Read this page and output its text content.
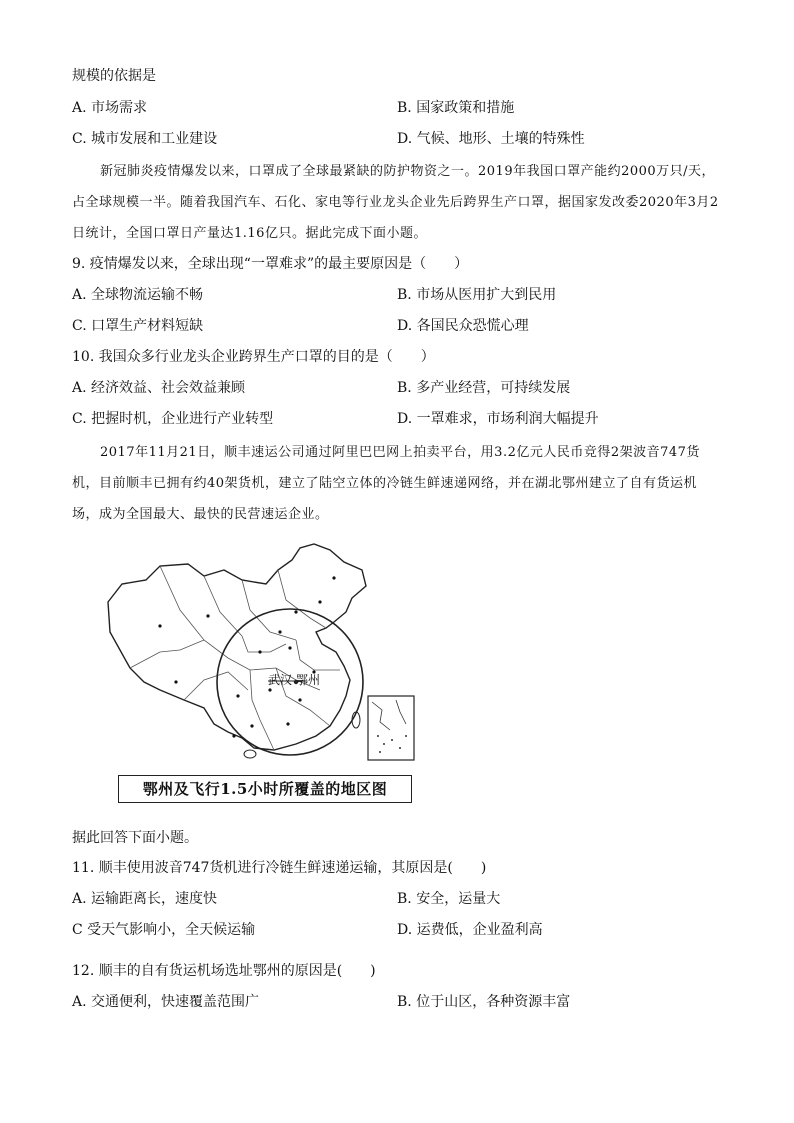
规模的依据是
A. 市场需求	B. 国家政策和措施
C. 城市发展和工业建设	D. 气候、地形、土壤的特殊性
新冠肺炎疫情爆发以来，口罩成了全球最紧缺的防护物资之一。2019年我国口罩产能约2000万只/天，占全球规模一半。随着我国汽车、石化、家电等行业龙头企业先后跨界生产口罩，据国家发改委2020年3月2日统计，全国口罩日产量达1.16亿只。据此完成下面小题。
9. 疫情爆发以来，全球出现“一罩难求”的最主要原因是（　　）
A. 全球物流运输不畅	B. 市场从医用扩大到民用
C. 口罩生产材料短缺	D. 各国民众恐慌心理
10. 我国众多行业龙头企业跨界生产口罩的目的是（　　）
A. 经济效益、社会效益兼顾	B. 多产业经营，可持续发展
C. 把握时机，企业进行产业转型	D. 一罩难求，市场利润大幅提升
2017年11月21日，顺丰速运公司通过阿里巴巴网上拍卖平台，用3.2亿元人民币竞得2架波音747货机，目前顺丰已拥有约40架货机，建立了陆空立体的冷链生鲜速递网络，并在湖北鄂州建立了自有货运机场，成为全国最大、最快的民营速运企业。
武汉 鄂州
鄂州及飞行1.5小时所覆盖的地区图
据此回答下面小题。
11. 顺丰使用波音747货机进行冷链生鲜速递运输，其原因是(　　)
A. 运输距离长，速度快	B. 安全，运量大
C 受天气影响小，全天候运输	D. 运费低，企业盈利高
12. 顺丰的自有货运机场选址鄂州的原因是(　　)
A. 交通便利，快速覆盖范围广	B. 位于山区，各种资源丰富
